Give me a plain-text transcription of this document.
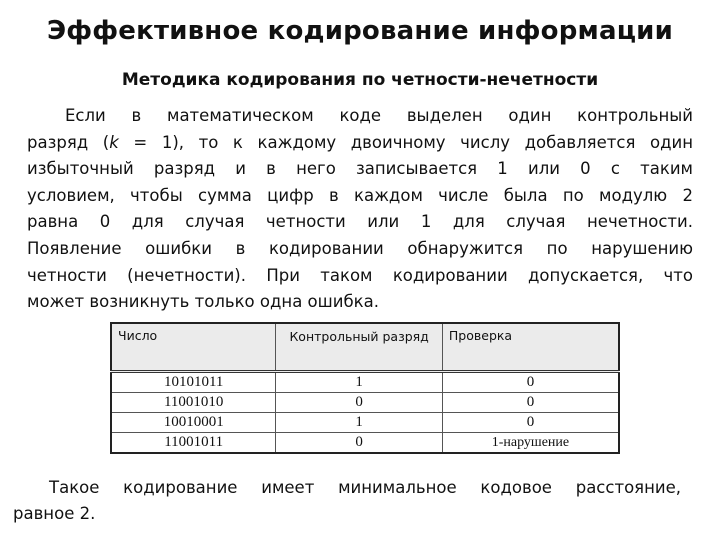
Эффективное кодирование информации
Методика кодирования по четности-нечетности
Если в математическом коде выделен один контрольный
разряд (k = 1), то к каждому двоичному числу добавляется один
избыточный разряд и в него записывается 1 или 0 с таким
условием, чтобы сумма цифр в каждом числе была по модулю 2
равна 0 для случая четности или 1 для случая нечетности.
Появление ошибки в кодировании обнаружится по нарушению
четности (нечетности). При таком кодировании допускается, что
может возникнуть только одна ошибка.
Число	Контрольный разряд	Проверка
10101011	1	0
11001010	0	0
10010001	1	0
11001011	0	1-нарушение
Такое кодирование имеет минимальное кодовое расстояние,
равное 2.
